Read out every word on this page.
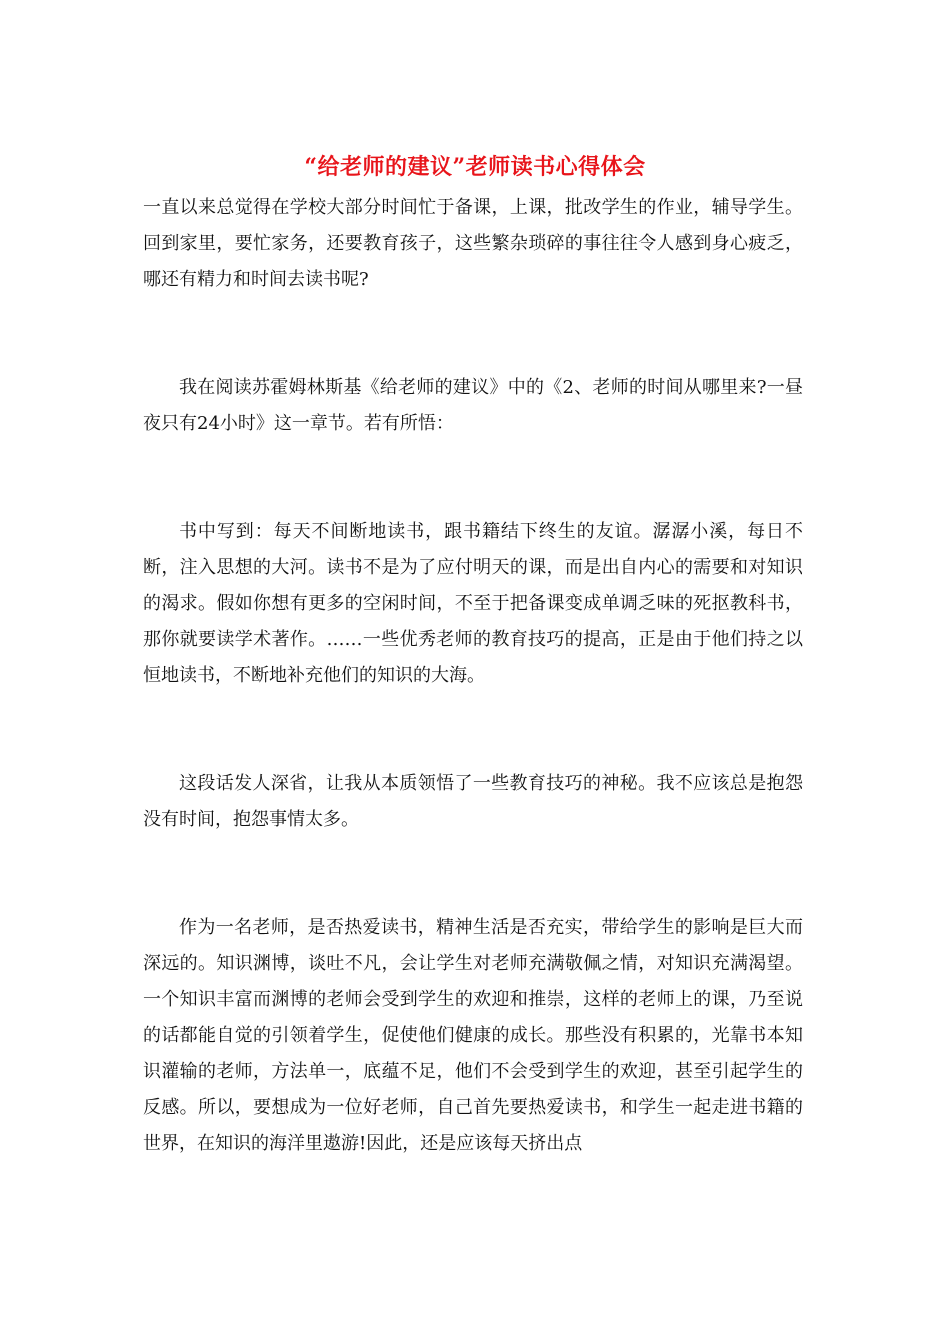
“给老师的建议”老师读书心得体会

一直以来总觉得在学校大部分时间忙于备课，上课，批改学生的作业，辅导学生。回到家里，要忙家务，还要教育孩子，这些繁杂琐碎的事往往令人感到身心疲乏，哪还有精力和时间去读书呢?

我在阅读苏霍姆林斯基《给老师的建议》中的《2、老师的时间从哪里来?一昼夜只有24小时》这一章节。若有所悟：

书中写到：每天不间断地读书，跟书籍结下终生的友谊。潺潺小溪，每日不断，注入思想的大河。读书不是为了应付明天的课，而是出自内心的需要和对知识的渴求。假如你想有更多的空闲时间，不至于把备课变成单调乏味的死抠教科书，那你就要读学术著作。……一些优秀老师的教育技巧的提高，正是由于他们持之以恒地读书，不断地补充他们的知识的大海。

这段话发人深省，让我从本质领悟了一些教育技巧的神秘。我不应该总是抱怨没有时间，抱怨事情太多。

作为一名老师，是否热爱读书，精神生活是否充实，带给学生的影响是巨大而深远的。知识渊博，谈吐不凡，会让学生对老师充满敬佩之情，对知识充满渴望。一个知识丰富而渊博的老师会受到学生的欢迎和推崇，这样的老师上的课，乃至说的话都能自觉的引领着学生，促使他们健康的成长。那些没有积累的，光靠书本知识灌输的老师，方法单一，底蕴不足，他们不会受到学生的欢迎，甚至引起学生的反感。所以，要想成为一位好老师，自己首先要热爱读书，和学生一起走进书籍的世界，在知识的海洋里遨游!因此，还是应该每天挤出点
